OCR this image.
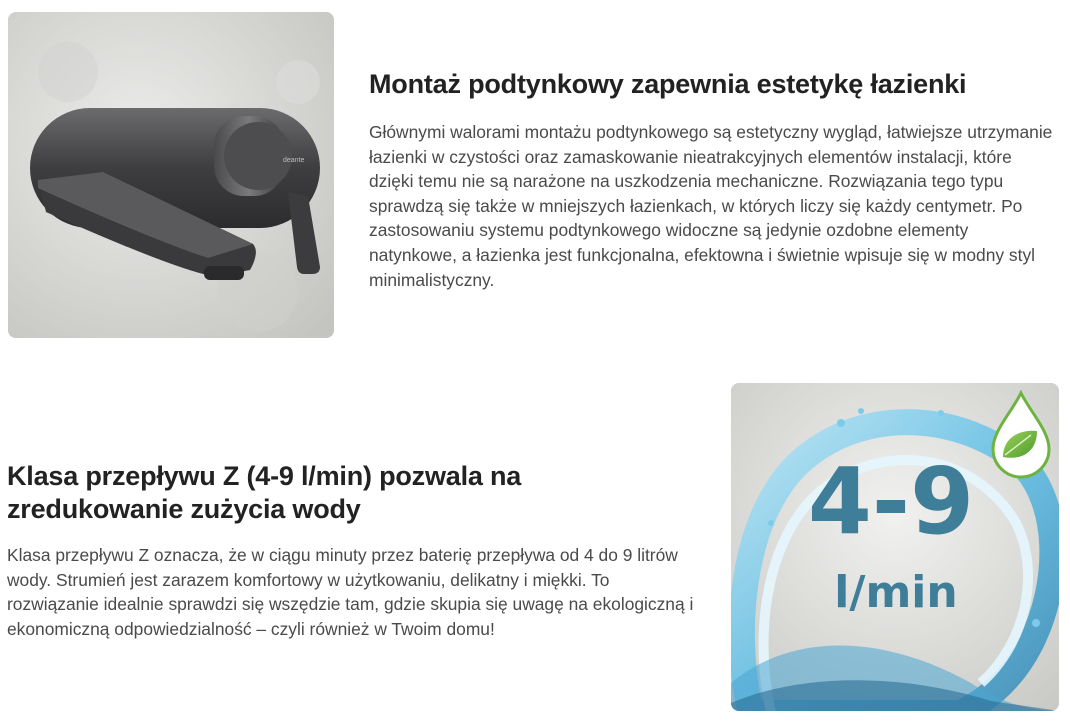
deante
Montaż podtynkowy zapewnia estetykę łazienki

Głównymi walorami montażu podtynkowego są estetyczny wygląd, łatwiejsze utrzymanie łazienki w czystości oraz zamaskowanie nieatrakcyjnych elementów instalacji, które dzięki temu nie są narażone na uszkodzenia mechaniczne. Rozwiązania tego typu sprawdzą się także w mniejszych łazienkach, w których liczy się każdy centymetr. Po zastosowaniu systemu podtynkowego widoczne są jedynie ozdobne elementy natynkowe, a łazienka jest funkcjonalna, efektowna i świetnie wpisuje się w modny styl minimalistyczny.

Klasa przepływu Z (4-9 l/min) pozwala na zredukowanie zużycia wody

Klasa przepływu Z oznacza, że w ciągu minuty przez baterię przepływa od 4 do 9 litrów wody. Strumień jest zarazem komfortowy w użytkowaniu, delikatny i miękki. To rozwiązanie idealnie sprawdzi się wszędzie tam, gdzie skupia się uwagę na ekologiczną i ekonomiczną odpowiedzialność – czyli również w Twoim domu!

4-9
l/min
